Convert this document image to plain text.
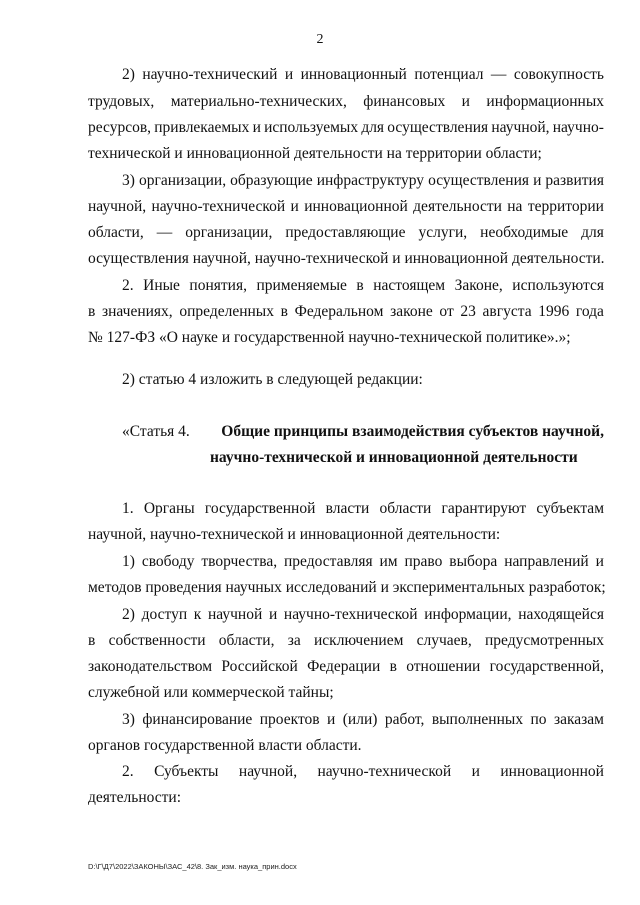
2
2) научно-технический и инновационный потенциал — совокупность
трудовых, материально-технических, финансовых и информационных
ресурсов, привлекаемых и используемых для осуществления научной, научно-
технической и инновационной деятельности на территории области;
3) организации, образующие инфраструктуру осуществления и развития
научной, научно-технической и инновационной деятельности на территории
области, — организации, предоставляющие услуги, необходимые для
осуществления научной, научно-технической и инновационной деятельности.
2. Иные понятия, применяемые в настоящем Законе, используются
в значениях, определенных в Федеральном законе от 23 августа 1996 года
№ 127-ФЗ «О науке и государственной научно-технической политике».»;
2) статью 4 изложить в следующей редакции:
«Статья 4.	Общие принципы взаимодействия субъектов научной,
научно-технической и инновационной деятельности
1. Органы государственной власти области гарантируют субъектам
научной, научно-технической и инновационной деятельности:
1) свободу творчества, предоставляя им право выбора направлений и
методов проведения научных исследований и экспериментальных разработок;
2) доступ к научной и научно-технической информации, находящейся
в собственности области, за исключением случаев, предусмотренных
законодательством Российской Федерации в отношении государственной,
служебной или коммерческой тайны;
3) финансирование проектов и (или) работ, выполненных по заказам
органов государственной власти области.
2. Субъекты научной, научно-технической и инновационной
деятельности:
D:\Г\Д7\2022\ЗАКОНЫ\ЗАС_42\8. Зак_изм. наука_прин.docx
